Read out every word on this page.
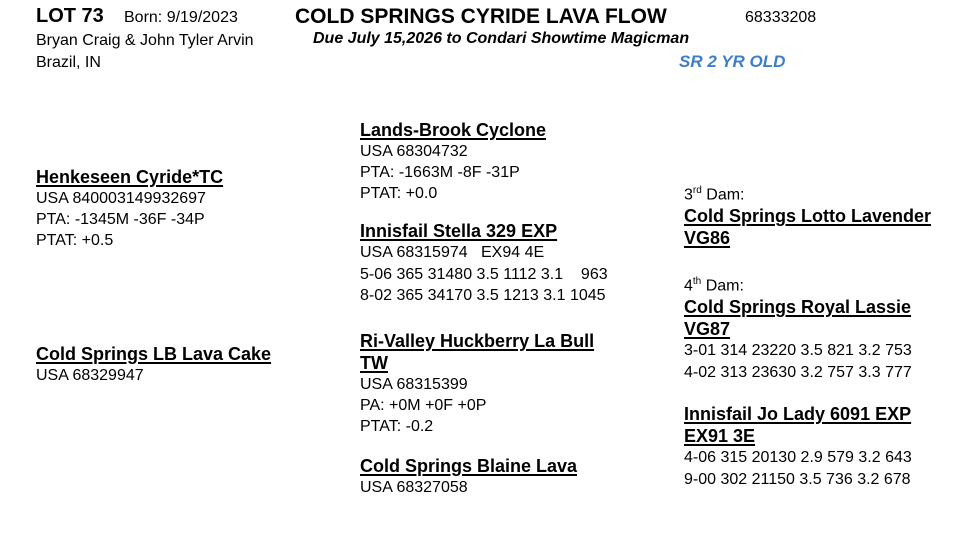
LOT 73 Born: 9/19/2023	COLD SPRINGS CYRIDE LAVA FLOW	68333208
Bryan Craig & John Tyler Arvin	Due July 15,2026 to Condari Showtime Magicman
Brazil, IN	SR 2 YR OLD
Henkeseen Cyride*TC
USA 840003149932697
PTA: -1345M -36F -34P
PTAT: +0.5
Cold Springs LB Lava Cake
USA 68329947
Lands-Brook Cyclone
USA 68304732
PTA: -1663M -8F -31P
PTAT: +0.0
Innisfail Stella 329 EXP
USA 68315974   EX94 4E
5-06 365 31480 3.5 1112 3.1    963
8-02 365 34170 3.5 1213 3.1 1045
Ri-Valley Huckberry La Bull
TW
USA 68315399
PA: +0M +0F +0P
PTAT: -0.2
Cold Springs Blaine Lava
USA 68327058
3rd Dam:
Cold Springs Lotto Lavender
VG86
4th Dam:
Cold Springs Royal Lassie
VG87
3-01 314 23220 3.5 821 3.2 753
4-02 313 23630 3.2 757 3.3 777
Innisfail Jo Lady 6091 EXP
EX91 3E
4-06 315 20130 2.9 579 3.2 643
9-00 302 21150 3.5 736 3.2 678
